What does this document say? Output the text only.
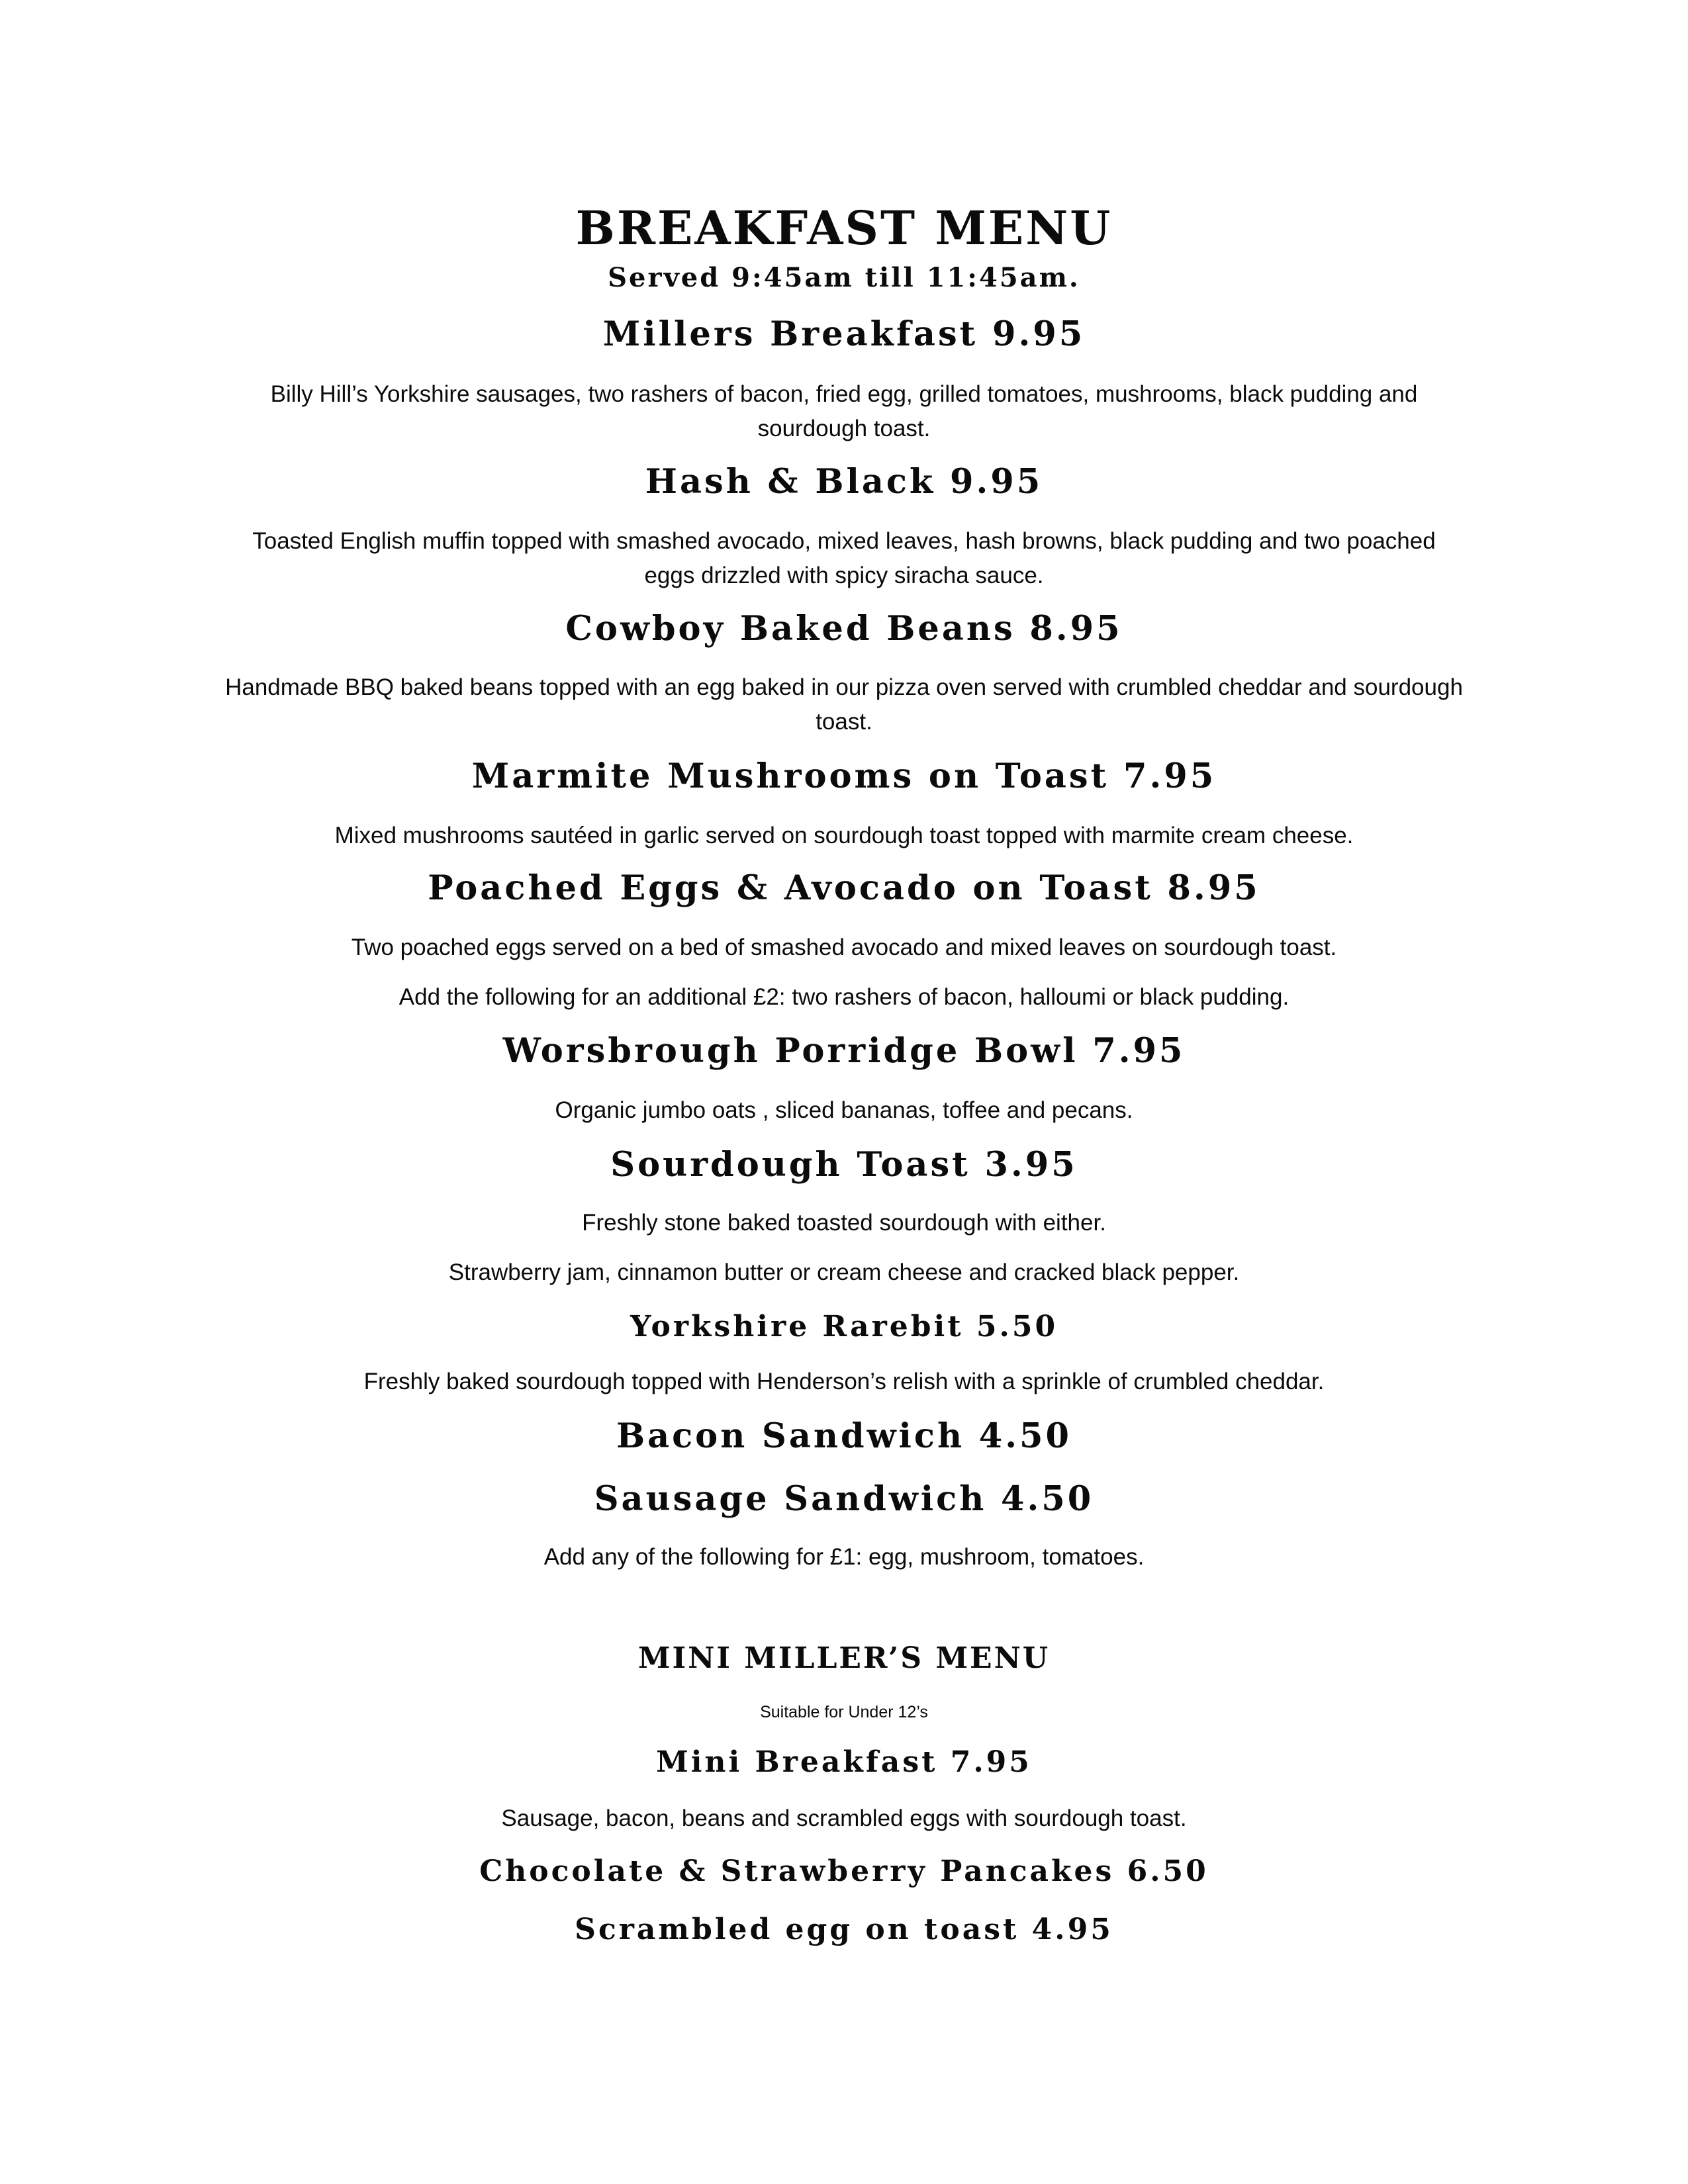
BREAKFAST MENU
Served 9:45am till 11:45am.
Millers Breakfast 9.95
Billy Hill’s Yorkshire sausages, two rashers of bacon, fried egg, grilled tomatoes, mushrooms, black pudding and sourdough toast.
Hash & Black 9.95
Toasted English muffin topped with smashed avocado, mixed leaves, hash browns, black pudding and two poached eggs drizzled with spicy siracha sauce.
Cowboy Baked Beans 8.95
Handmade BBQ baked beans topped with an egg baked in our pizza oven served with crumbled cheddar and sourdough toast.
Marmite Mushrooms on Toast 7.95
Mixed mushrooms sautéed in garlic served on sourdough toast topped with marmite cream cheese.
Poached Eggs & Avocado on Toast 8.95
Two poached eggs served on a bed of smashed avocado and mixed leaves on sourdough toast.
Add the following for an additional £2: two rashers of bacon, halloumi or black pudding.
Worsbrough Porridge Bowl 7.95
Organic jumbo oats , sliced bananas, toffee and pecans.
Sourdough Toast 3.95
Freshly stone baked toasted sourdough with either.
Strawberry jam, cinnamon butter or cream cheese and cracked black pepper.
Yorkshire Rarebit 5.50
Freshly baked sourdough topped with Henderson’s relish with a sprinkle of crumbled cheddar.
Bacon Sandwich 4.50
Sausage Sandwich 4.50
Add any of the following for £1: egg, mushroom, tomatoes.
MINI MILLER’S MENU
Suitable for Under 12’s
Mini Breakfast 7.95
Sausage, bacon, beans and scrambled eggs with sourdough toast.
Chocolate & Strawberry Pancakes 6.50
Scrambled egg on toast 4.95
